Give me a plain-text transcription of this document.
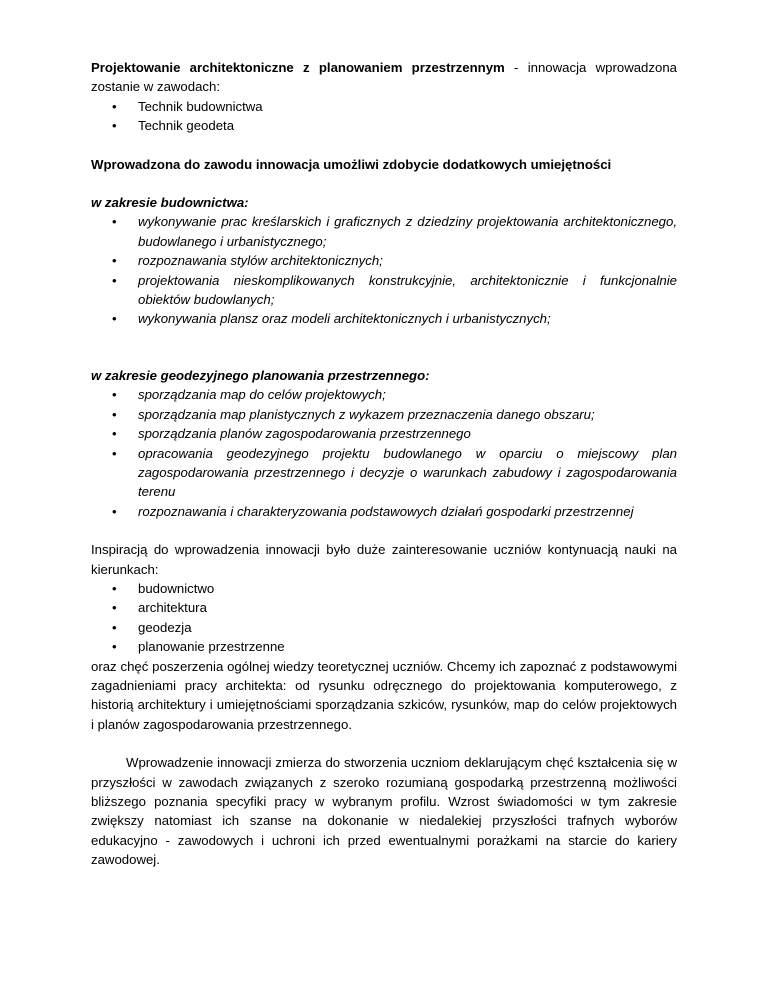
Projektowanie architektoniczne z planowaniem przestrzennym - innowacja wprowadzona zostanie w zawodach:

• Technik budownictwa
• Technik geodeta

Wprowadzona do zawodu innowacja umożliwi zdobycie dodatkowych umiejętności

w zakresie budownictwa:

• wykonywanie prac kreślarskich i graficznych z dziedziny projektowania architektonicznego, budowlanego i urbanistycznego;
• rozpoznawania stylów architektonicznych;
• projektowania nieskomplikowanych konstrukcyjnie, architektonicznie i funkcjonalnie obiektów budowlanych;
• wykonywania plansz oraz modeli architektonicznych i urbanistycznych;

w zakresie geodezyjnego planowania przestrzennego:

• sporządzania map do celów projektowych;
• sporządzania map planistycznych z wykazem przeznaczenia danego obszaru;
• sporządzania planów zagospodarowania przestrzennego
• opracowania geodezyjnego projektu budowlanego w oparciu o miejscowy plan zagospodarowania przestrzennego i decyzje o warunkach zabudowy i zagospodarowania terenu
• rozpoznawania i charakteryzowania podstawowych działań gospodarki przestrzennej

Inspiracją do wprowadzenia innowacji było duże zainteresowanie uczniów kontynuacją nauki na kierunkach:

• budownictwo
• architektura
• geodezja
• planowanie przestrzenne

oraz chęć poszerzenia ogólnej wiedzy teoretycznej uczniów. Chcemy ich zapoznać z podstawowymi zagadnieniami pracy architekta: od rysunku odręcznego do projektowania komputerowego, z historią architektury i umiejętnościami sporządzania szkiców, rysunków, map do celów projektowych i planów zagospodarowania przestrzennego.

Wprowadzenie innowacji zmierza do stworzenia uczniom deklarującym chęć kształcenia się w przyszłości w zawodach związanych z szeroko rozumianą gospodarką przestrzenną możliwości bliższego poznania specyfiki pracy w wybranym profilu. Wzrost świadomości w tym zakresie zwiększy natomiast ich szanse na dokonanie w niedalekiej przyszłości trafnych wyborów edukacyjno - zawodowych i uchroni ich przed ewentualnymi porażkami na starcie do kariery zawodowej.
